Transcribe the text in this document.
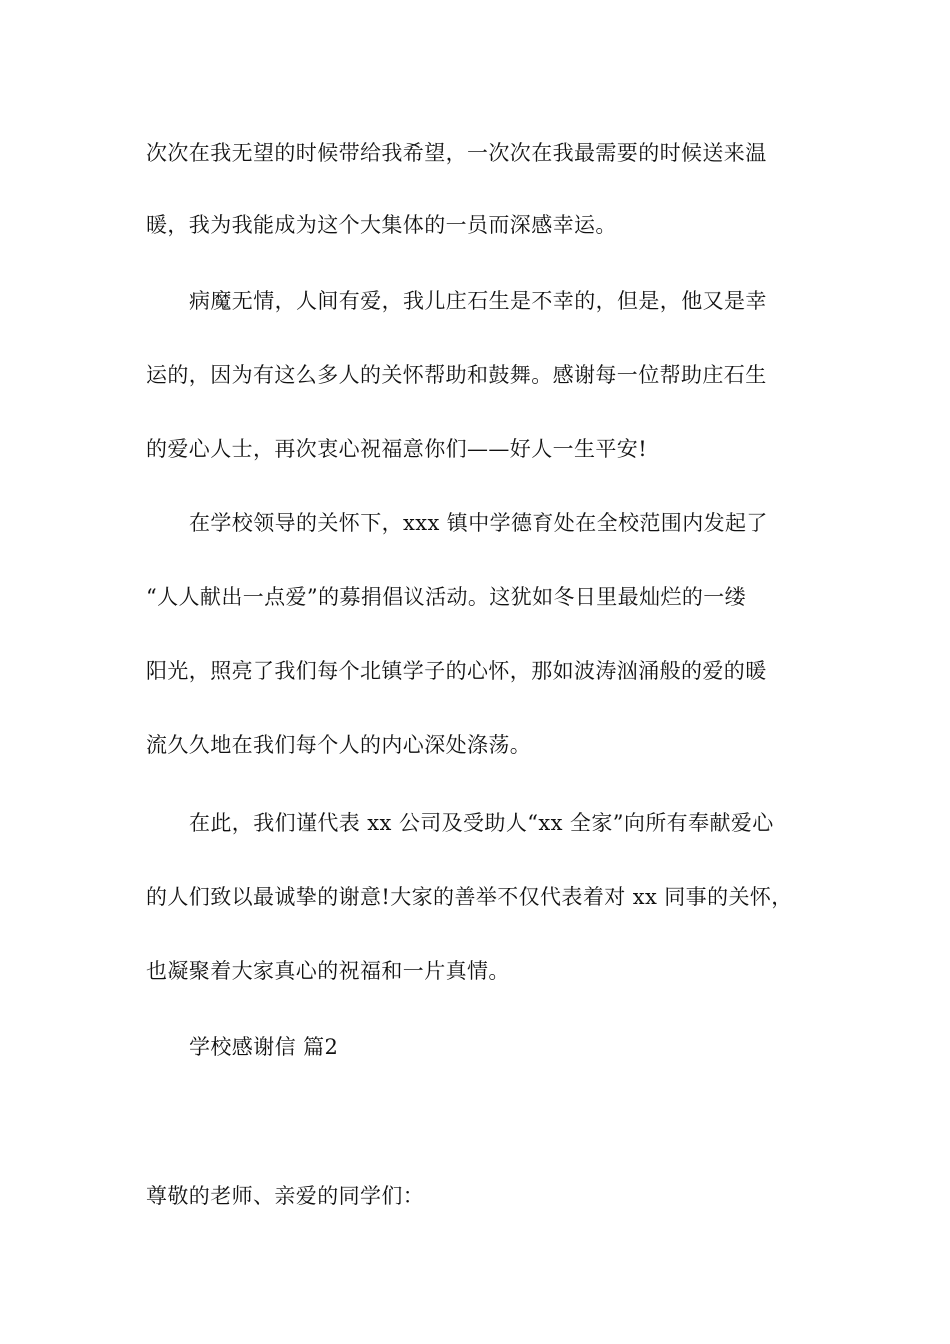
次次在我无望的时候带给我希望，一次次在我最需要的时候送来温
暖，我为我能成为这个大集体的一员而深感幸运。
病魔无情，人间有爱，我儿庄石生是不幸的，但是，他又是幸
运的，因为有这么多人的关怀帮助和鼓舞。感谢每一位帮助庄石生
的爱心人士，再次衷心祝福意你们——好人一生平安!
在学校领导的关怀下，xxx 镇中学德育处在全校范围内发起了
“人人献出一点爱”的募捐倡议活动。这犹如冬日里最灿烂的一缕
阳光，照亮了我们每个北镇学子的心怀，那如波涛汹涌般的爱的暖
流久久地在我们每个人的内心深处涤荡。
在此，我们谨代表 xx 公司及受助人“xx 全家”向所有奉献爱心
的人们致以最诚挚的谢意!大家的善举不仅代表着对 xx 同事的关怀，
也凝聚着大家真心的祝福和一片真情。
学校感谢信 篇2
尊敬的老师、亲爱的同学们：
